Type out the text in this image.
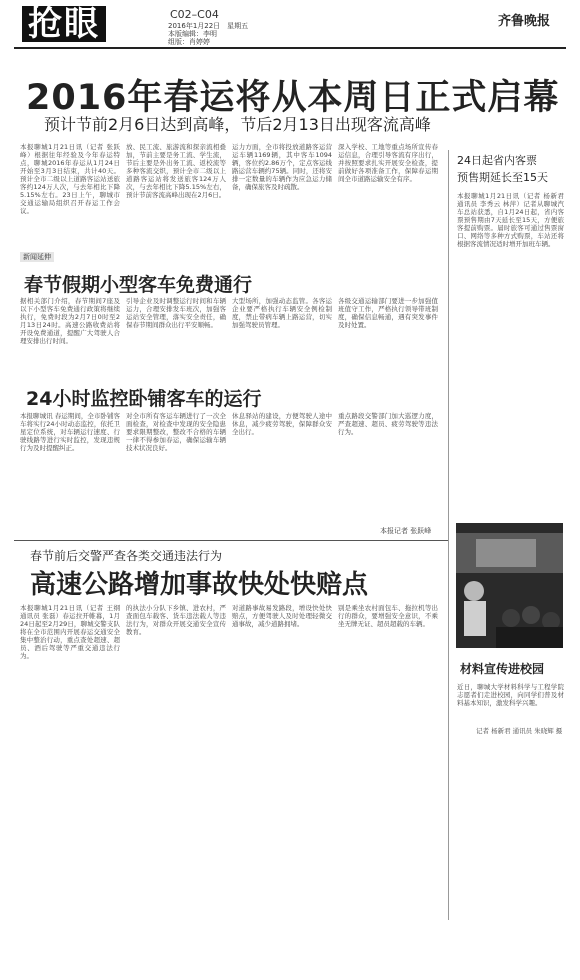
抢眼	C02–C04
2016年1月22日　星期五
本版编辑：李明
组版：肖婷婷
齐鲁晚报
2016年春运将从本周日正式启幕
预计节前2月6日达到高峰，节后2月13日出现客流高峰
本报聊城1月21日讯（记者 张跃峰）根据往年经验及今年春运特点，聊城2016年春运从1月24日开始至3月3日结束，共计40天。预计全市二级以上道路客运站送旅客约124万人次，与去年相比下降5.15%左右。23日上午，聊城市交通运输局组织召开春运工作会议。
放、民工流、旅游流和探亲流相叠加，节前主要是务工流、学生流，节后主要是外出务工流、返校流等多种客流交织，预计全市二级以上道路客运站将发送旅客124万人次，与去年相比下降5.15%左右，预计节前客流高峰出现在2月6日。
运力方面，全市将投放道路客运营运车辆1169辆，其中客车1094辆，客位约2.86万个，定点客运线路运营车辆约75辆。同时，还将安排一定数量的车辆作为应急运力储备，确保旅客及时疏散。
深入学校、工地等重点场所宣传春运信息，合理引导客流有序出行，并按照要求扎实开展安全检查，提前做好各项准备工作，保障春运期间全市道路运输安全有序。
新闻延伸
春节假期小型客车免费通行
据相关部门介绍，春节期间7座及以下小型客车免费通行政策将继续执行，免费时段为2月7日0时至2月13日24时。高速公路收费站将开设免费通道，提醒广大驾驶人合理安排出行时间。
引导企业及时调整运行时间和车辆运力，合理安排发车班次，加强客运站安全管理，落实安全责任，确保春节期间群众出行平安顺畅。
大型场所，加强动态监管。各客运企业要严格执行车辆安全例检制度，禁止带病车辆上路运营，切实加强驾驶员管理。
各级交通运输部门要进一步加强值班值守工作，严格执行领导带班制度，确保信息畅通，遇有突发事件及时处置。
24小时监控卧铺客车的运行
本报聊城讯 春运期间，全市卧铺客车将实行24小时动态监控，依托卫星定位系统，对车辆运行速度、行驶线路等进行实时监控，发现违规行为及时提醒纠正。
对全市所有客运车辆进行了一次全面检查，对检查中发现的安全隐患要求限期整改，整改不合格的车辆一律不得参加春运，确保运输车辆技术状况良好。
休息驿站的建设，方便驾驶人途中休息，减少疲劳驾驶，保障群众安全出行。
重点路段交警部门加大巡逻力度，严查超速、超员、疲劳驾驶等违法行为。
本报记者 张跃峰
24日起省内客票
预售期延长至15天
本报聊城1月21日讯（记者 杨新君 通讯员 李秀云 林萍）记者从聊城汽车总站获悉，自1月24日起，省内客票预售期由7天延长至15天，方便旅客提前购票。届时旅客可通过售票窗口、网络等多种方式购票，车站还将根据客流情况适时增开加班车辆。
材料宣传进校园
近日，聊城大学材料科学与工程学院志愿者们走进校园，向同学们普及材料基本知识，激发科学兴趣。
记者 杨新君 通讯员 朱晓辉 摄
春节前后交警严查各类交通违法行为
高速公路增加事故快处快赔点
本报聊城1月21日讯（记者 王纲 通讯员 张磊）春运拉开帷幕，1月24日起至2月29日，聊城交警支队将在全市范围内开展春运交通安全集中整治行动，重点查处超速、超员、酒后驾驶等严重交通违法行为。
的执法小分队下乡镇、进农村，严查面包车载客、货车违法载人等违法行为，对群众开展交通安全宣传教育。
对道路事故易发路段，增设快处快赔点，方便驾驶人及时处理轻微交通事故，减少道路拥堵。
别是乘坐农村面包车、拖拉机等出行的群众，要增强安全意识，不乘坐无牌无证、超员超载的车辆。
